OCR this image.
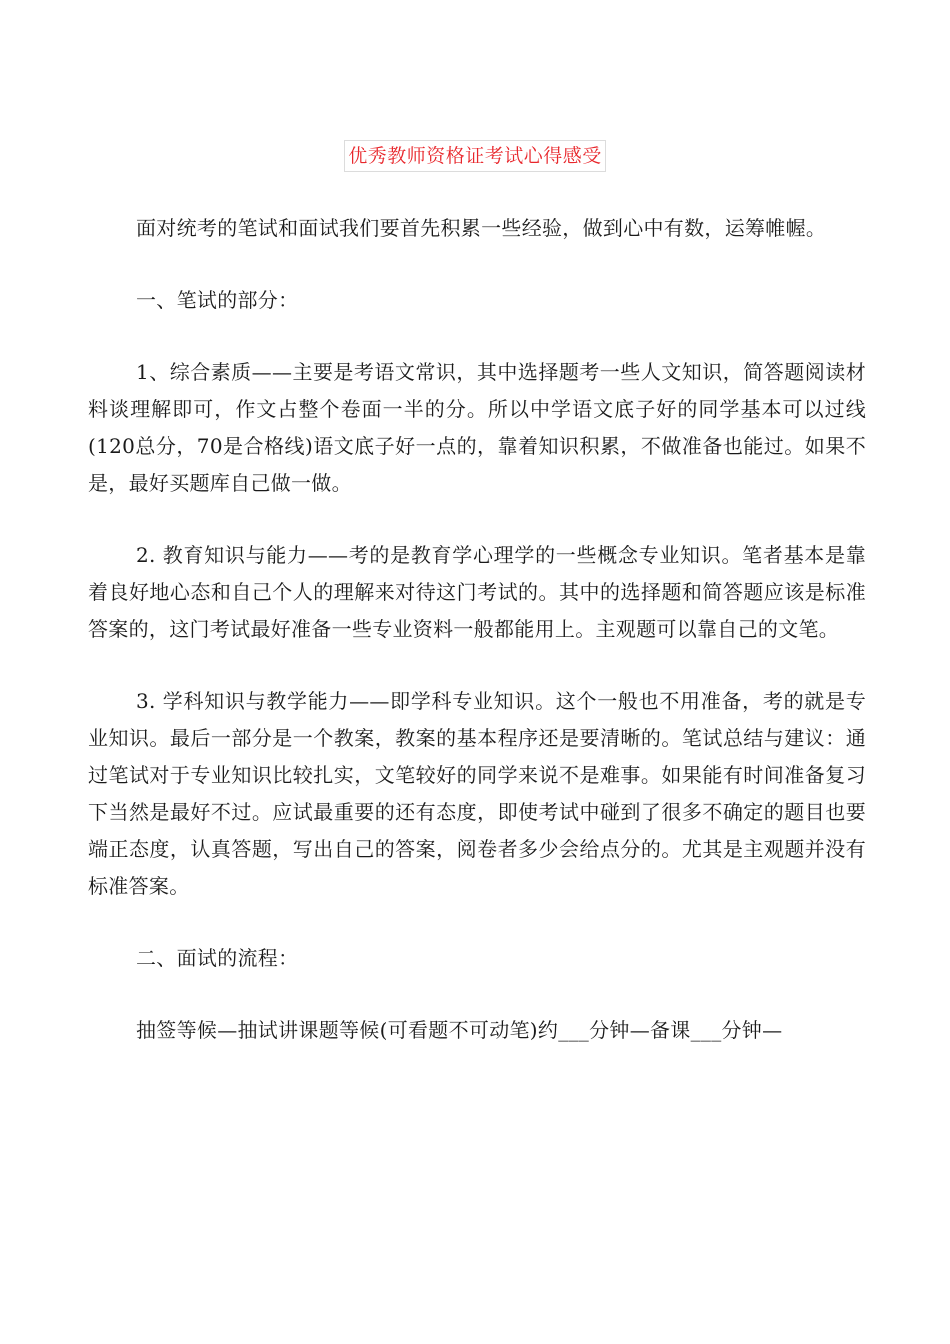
优秀教师资格证考试心得感受

面对统考的笔试和面试我们要首先积累一些经验，做到心中有数，运筹帷幄。

一、笔试的部分：

1、综合素质——主要是考语文常识，其中选择题考一些人文知识，简答题阅读材料谈理解即可，作文占整个卷面一半的分。所以中学语文底子好的同学基本可以过线(120总分，70是合格线)语文底子好一点的，靠着知识积累，不做准备也能过。如果不是，最好买题库自己做一做。

2. 教育知识与能力——考的是教育学心理学的一些概念专业知识。笔者基本是靠着良好地心态和自己个人的理解来对待这门考试的。其中的选择题和简答题应该是标准答案的，这门考试最好准备一些专业资料一般都能用上。主观题可以靠自己的文笔。

3. 学科知识与教学能力——即学科专业知识。这个一般也不用准备，考的就是专业知识。最后一部分是一个教案，教案的基本程序还是要清晰的。笔试总结与建议：通过笔试对于专业知识比较扎实，文笔较好的同学来说不是难事。如果能有时间准备复习下当然是最好不过。应试最重要的还有态度，即使考试中碰到了很多不确定的题目也要端正态度，认真答题，写出自己的答案，阅卷者多少会给点分的。尤其是主观题并没有标准答案。

二、面试的流程：

抽签等候—抽试讲课题等候(可看题不可动笔)约___分钟—备课___分钟—
